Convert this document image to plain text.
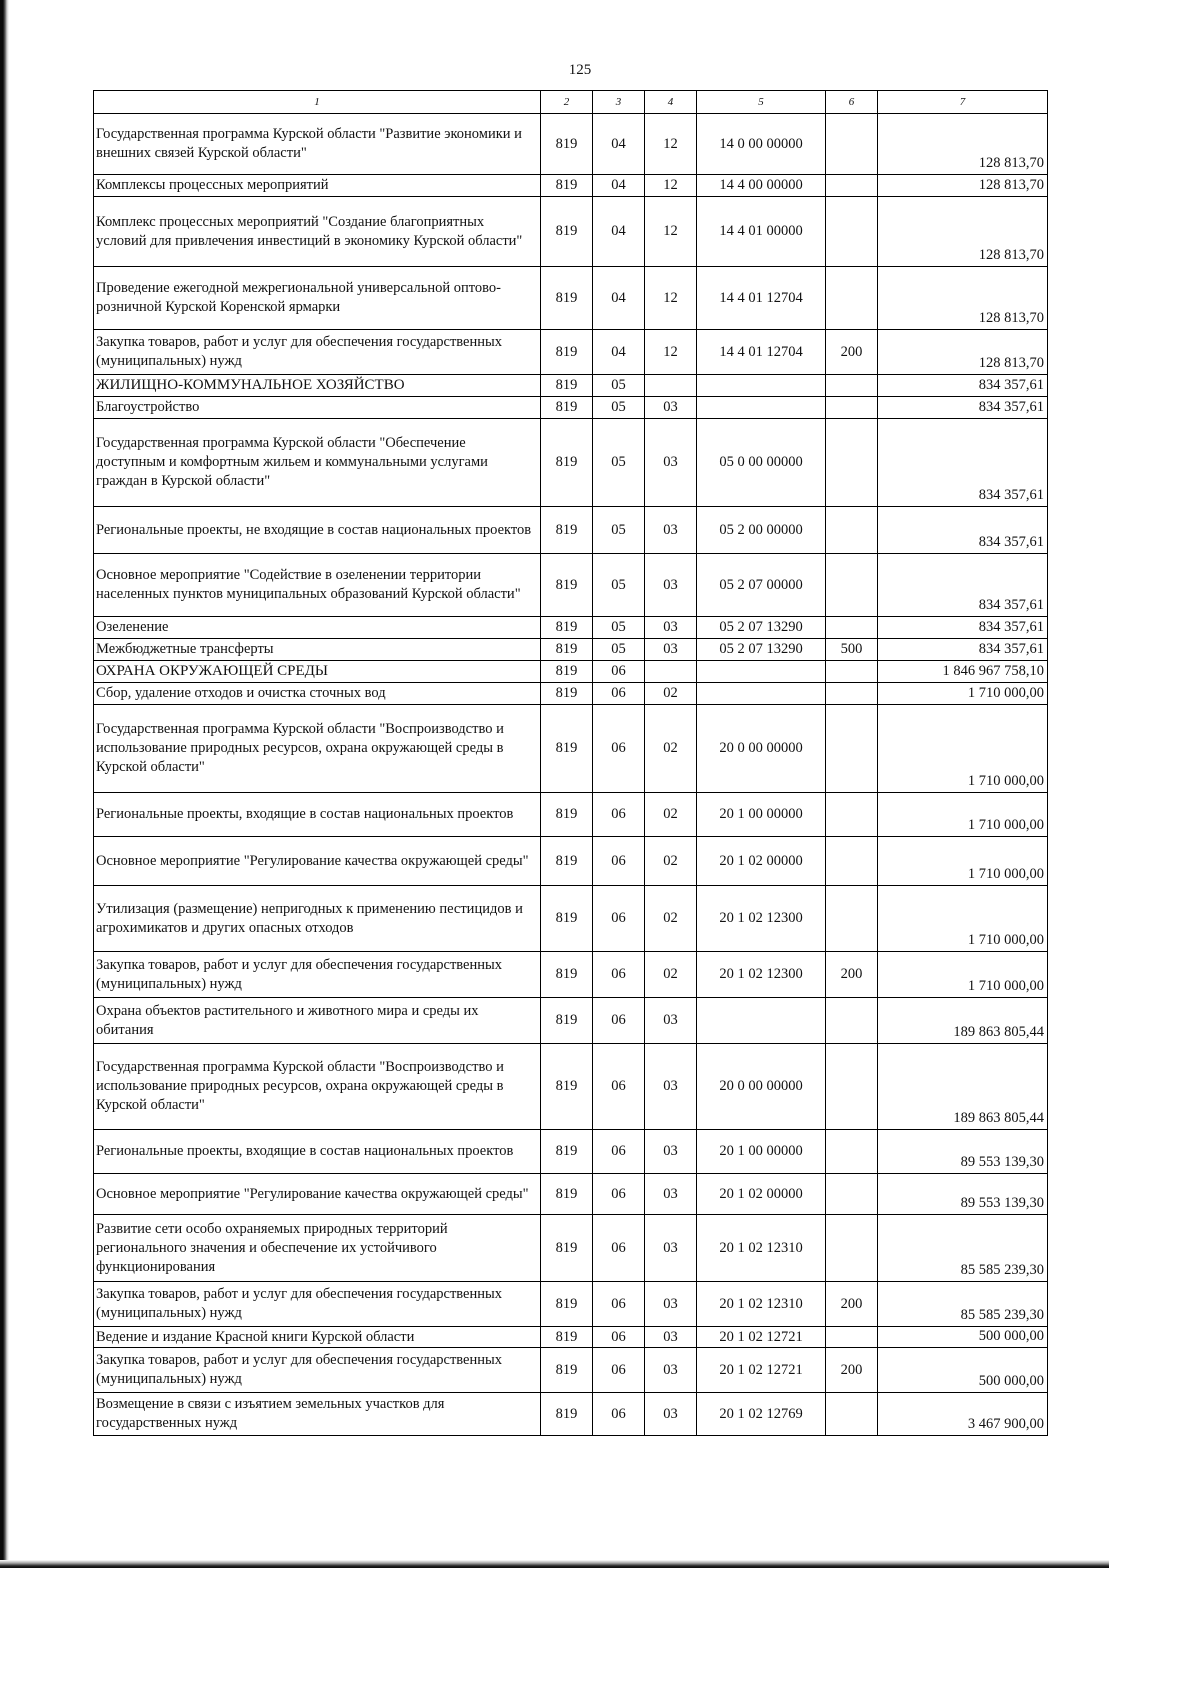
125
1	2	3	4	5	6	7
Государственная программа Курской области "Развитие экономики и внешних связей Курской области"	819	04	12	14 0 00 00000		128 813,70
Комплексы процессных мероприятий	819	04	12	14 4 00 00000		128 813,70
Комплекс процессных мероприятий "Создание благоприятных условий для привлечения инвестиций в экономику Курской области"	819	04	12	14 4 01 00000		128 813,70
Проведение ежегодной межрегиональной универсальной оптово-розничной Курской Коренской ярмарки	819	04	12	14 4 01 12704		128 813,70
Закупка товаров, работ и услуг для обеспечения государственных (муниципальных) нужд	819	04	12	14 4 01 12704	200	128 813,70
ЖИЛИЩНО-КОММУНАЛЬНОЕ ХОЗЯЙСТВО	819	05				834 357,61
Благоустройство	819	05	03			834 357,61
Государственная программа Курской области "Обеспечение доступным и комфортным жильем и коммунальными услугами граждан в Курской области"	819	05	03	05 0 00 00000		834 357,61
Региональные проекты, не входящие в состав национальных проектов	819	05	03	05 2 00 00000		834 357,61
Основное мероприятие "Содействие в озеленении территории населенных пунктов муниципальных образований Курской области"	819	05	03	05 2 07 00000		834 357,61
Озеленение	819	05	03	05 2 07 13290		834 357,61
Межбюджетные трансферты	819	05	03	05 2 07 13290	500	834 357,61
ОХРАНА ОКРУЖАЮЩЕЙ СРЕДЫ	819	06				1 846 967 758,10
Сбор, удаление отходов и очистка сточных вод	819	06	02			1 710 000,00
Государственная программа Курской области "Воспроизводство и использование природных ресурсов, охрана окружающей среды в Курской области"	819	06	02	20 0 00 00000		1 710 000,00
Региональные проекты, входящие в состав национальных проектов	819	06	02	20 1 00 00000		1 710 000,00
Основное мероприятие "Регулирование качества окружающей среды"	819	06	02	20 1 02 00000		1 710 000,00
Утилизация (размещение) непригодных к применению пестицидов и агрохимикатов и других опасных отходов	819	06	02	20 1 02 12300		1 710 000,00
Закупка товаров, работ и услуг для обеспечения государственных (муниципальных) нужд	819	06	02	20 1 02 12300	200	1 710 000,00
Охрана объектов растительного и животного мира и среды их обитания	819	06	03			189 863 805,44
Государственная программа Курской области "Воспроизводство и использование природных ресурсов, охрана окружающей среды в Курской области"	819	06	03	20 0 00 00000		189 863 805,44
Региональные проекты, входящие в состав национальных проектов	819	06	03	20 1 00 00000		89 553 139,30
Основное мероприятие "Регулирование качества окружающей среды"	819	06	03	20 1 02 00000		89 553 139,30
Развитие сети особо охраняемых природных территорий регионального значения и обеспечение их устойчивого функционирования	819	06	03	20 1 02 12310		85 585 239,30
Закупка товаров, работ и услуг для обеспечения государственных (муниципальных) нужд	819	06	03	20 1 02 12310	200	85 585 239,30
Ведение и издание Красной книги Курской области	819	06	03	20 1 02 12721		500 000,00
Закупка товаров, работ и услуг для обеспечения государственных (муниципальных) нужд	819	06	03	20 1 02 12721	200	500 000,00
Возмещение в связи с изъятием земельных участков для государственных нужд	819	06	03	20 1 02 12769		3 467 900,00
